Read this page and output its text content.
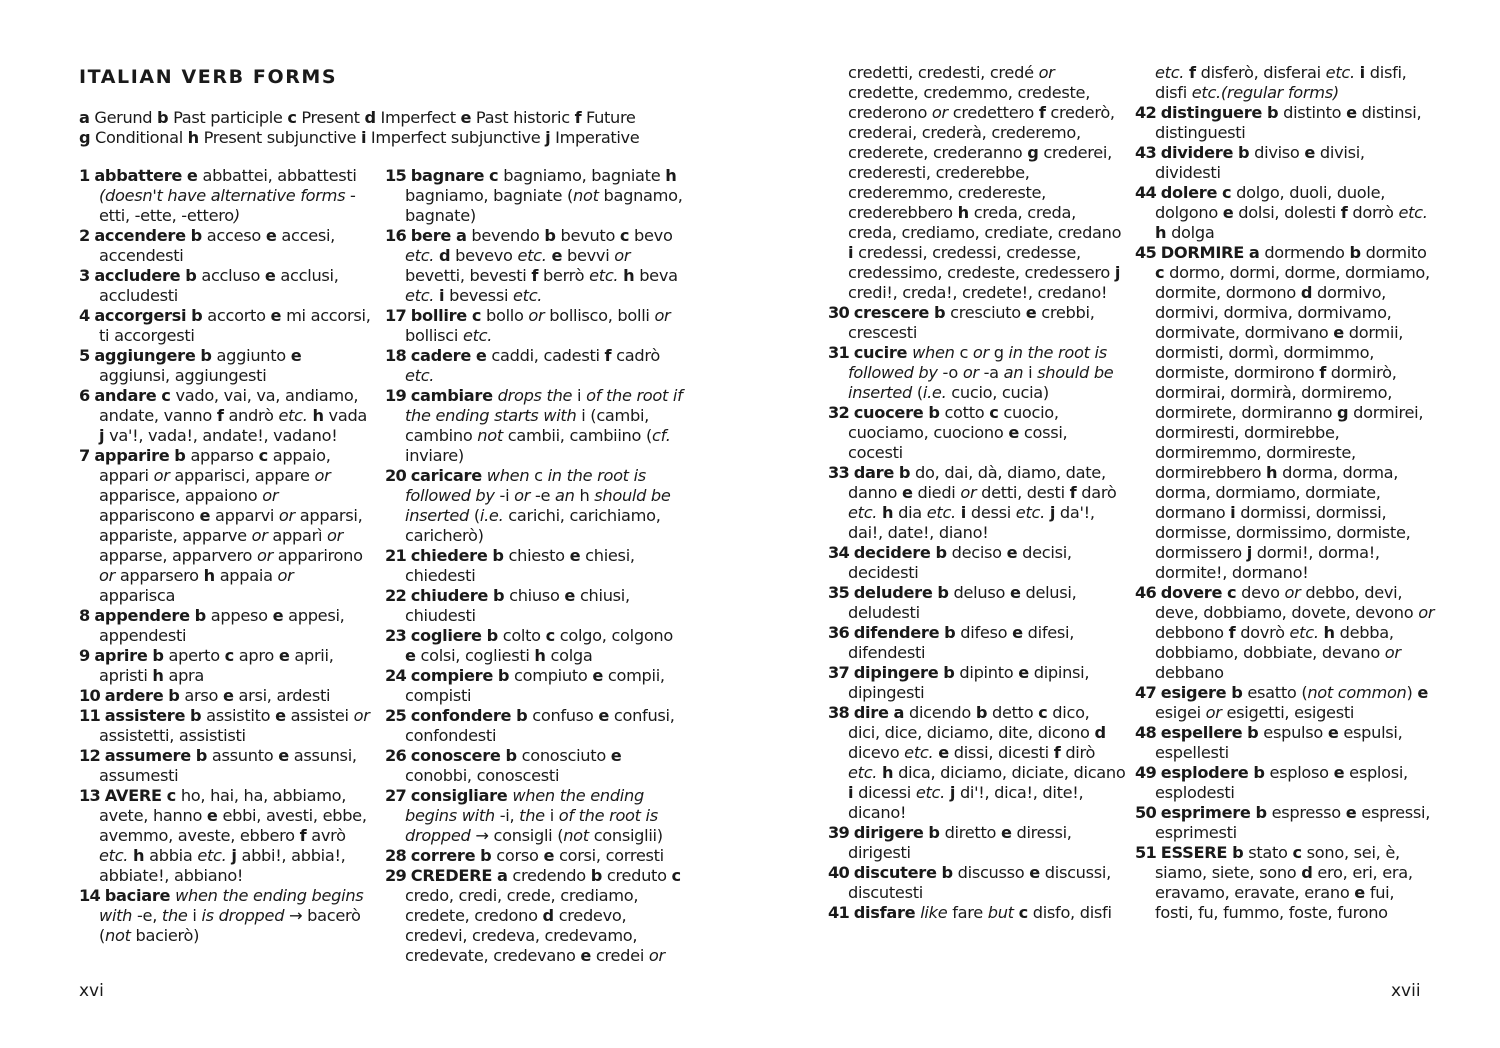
ITALIAN VERB FORMS
a Gerund b Past participle c Present d Imperfect e Past historic f Future
g Conditional h Present subjunctive i Imperfect subjunctive j Imperative
1 abbattere e abbattei, abbattesti (doesn't have alternative forms -etti, -ette, -ettero)
2 accendere b acceso e accesi, accendesti
3 accludere b accluso e acclusi, accludesti
4 accorgersi b accorto e mi accorsi, ti accorgesti
5 aggiungere b aggiunto e aggiunsi, aggiungesti
6 andare c vado, vai, va, andiamo, andate, vanno f andrò etc. h vada j va'!, vada!, andate!, vadano!
7 apparire b apparso c appaio, appari or apparisci, appare or apparisce, appaiono or appariscono e apparvi or apparsi, appariste, apparve or apparì or apparse, apparvero or apparirono or apparsero h appaia or apparisca
8 appendere b appeso e appesi, appendesti
9 aprire b aperto c apro e aprii, apristi h apra
10 ardere b arso e arsi, ardesti
11 assistere b assistito e assistei or assistetti, assististi
12 assumere b assunto e assunsi, assumesti
13 AVERE c ho, hai, ha, abbiamo, avete, hanno e ebbi, avesti, ebbe, avemmo, aveste, ebbero f avrò etc. h abbia etc. j abbi!, abbia!, abbiate!, abbiano!
14 baciare when the ending begins with -e, the i is dropped → bacerò (not bacierò)
15 bagnare c bagniamo, bagniate h bagniamo, bagniate (not bagnamo, bagnate)
16 bere a bevendo b bevuto c bevo etc. d bevevo etc. e bevvi or bevetti, bevesti f berrò etc. h beva etc. i bevessi etc.
17 bollire c bollo or bollisco, bolli or bollisci etc.
18 cadere e caddi, cadesti f cadrò etc.
19 cambiare drops the i of the root if the ending starts with i (cambi, cambino not cambii, cambiino (cf. inviare)
20 caricare when c in the root is followed by -i or -e an h should be inserted (i.e. carichi, carichiamo, caricherò)
21 chiedere b chiesto e chiesi, chiedesti
22 chiudere b chiuso e chiusi, chiudesti
23 cogliere b colto c colgo, colgono e colsi, cogliesti h colga
24 compiere b compiuto e compii, compisti
25 confondere b confuso e confusi, confondesti
26 conoscere b conosciuto e conobbi, conoscesti
27 consigliare when the ending begins with -i, the i of the root is dropped → consigli (not consiglii)
28 correre b corso e corsi, corresti
29 CREDERE a credendo b creduto c credo, credi, crede, crediamo, credete, credono d credevo, credevi, credeva, credevamo, credevate, credevano e credei or
credetti, credesti, credé or credette, credemmo, credeste, crederono or credettero f crederò, crederai, crederà, crederemo, crederete, crederanno g crederei, crederesti, crederebbe, crederemmo, credereste, crederebbero h creda, creda, creda, crediamo, crediate, credano i credessi, credessi, credesse, credessimo, credeste, credessero j credi!, creda!, credete!, credano!
30 crescere b cresciuto e crebbi, crescesti
31 cucire when c or g in the root is followed by -o or -a an i should be inserted (i.e. cucio, cucia)
32 cuocere b cotto c cuocio, cuociamo, cuociono e cossi, cocesti
33 dare b do, dai, dà, diamo, date, danno e diedi or detti, desti f darò etc. h dia etc. i dessi etc. j da'!, dai!, date!, diano!
34 decidere b deciso e decisi, decidesti
35 deludere b deluso e delusi, deludesti
36 difendere b difeso e difesi, difendesti
37 dipingere b dipinto e dipinsi, dipingesti
38 dire a dicendo b detto c dico, dici, dice, diciamo, dite, dicono d dicevo etc. e dissi, dicesti f dirò etc. h dica, diciamo, diciate, dicano i dicessi etc. j di'!, dica!, dite!, dicano!
39 dirigere b diretto e diressi, dirigesti
40 discutere b discusso e discussi, discutesti
41 disfare like fare but c disfo, disfi
etc. f disferò, disferai etc. i disfi, disfi etc.(regular forms)
42 distinguere b distinto e distinsi, distinguesti
43 dividere b diviso e divisi, dividesti
44 dolere c dolgo, duoli, duole, dolgono e dolsi, dolesti f dorrò etc. h dolga
45 DORMIRE a dormendo b dormito c dormo, dormi, dorme, dormiamo, dormite, dormono d dormivo, dormivi, dormiva, dormivamo, dormivate, dormivano e dormii, dormisti, dormì, dormimmo, dormiste, dormirono f dormirò, dormirai, dormirà, dormiremo, dormirete, dormiranno g dormirei, dormiresti, dormirebbe, dormiremmo, dormireste, dormirebbero h dorma, dorma, dorma, dormiamo, dormiate, dormano i dormissi, dormissi, dormisse, dormissimo, dormiste, dormissero j dormi!, dorma!, dormite!, dormano!
46 dovere c devo or debbo, devi, deve, dobbiamo, dovete, devono or debbono f dovrò etc. h debba, dobbiamo, dobbiate, devano or debbano
47 esigere b esatto (not common) e esigei or esigetti, esigesti
48 espellere b espulso e espulsi, espellesti
49 esplodere b esploso e esplosi, esplodesti
50 esprimere b espresso e espressi, esprimesti
51 ESSERE b stato c sono, sei, è, siamo, siete, sono d ero, eri, era, eravamo, eravate, erano e fui, fosti, fu, fummo, foste, furono
xvi	xvii
